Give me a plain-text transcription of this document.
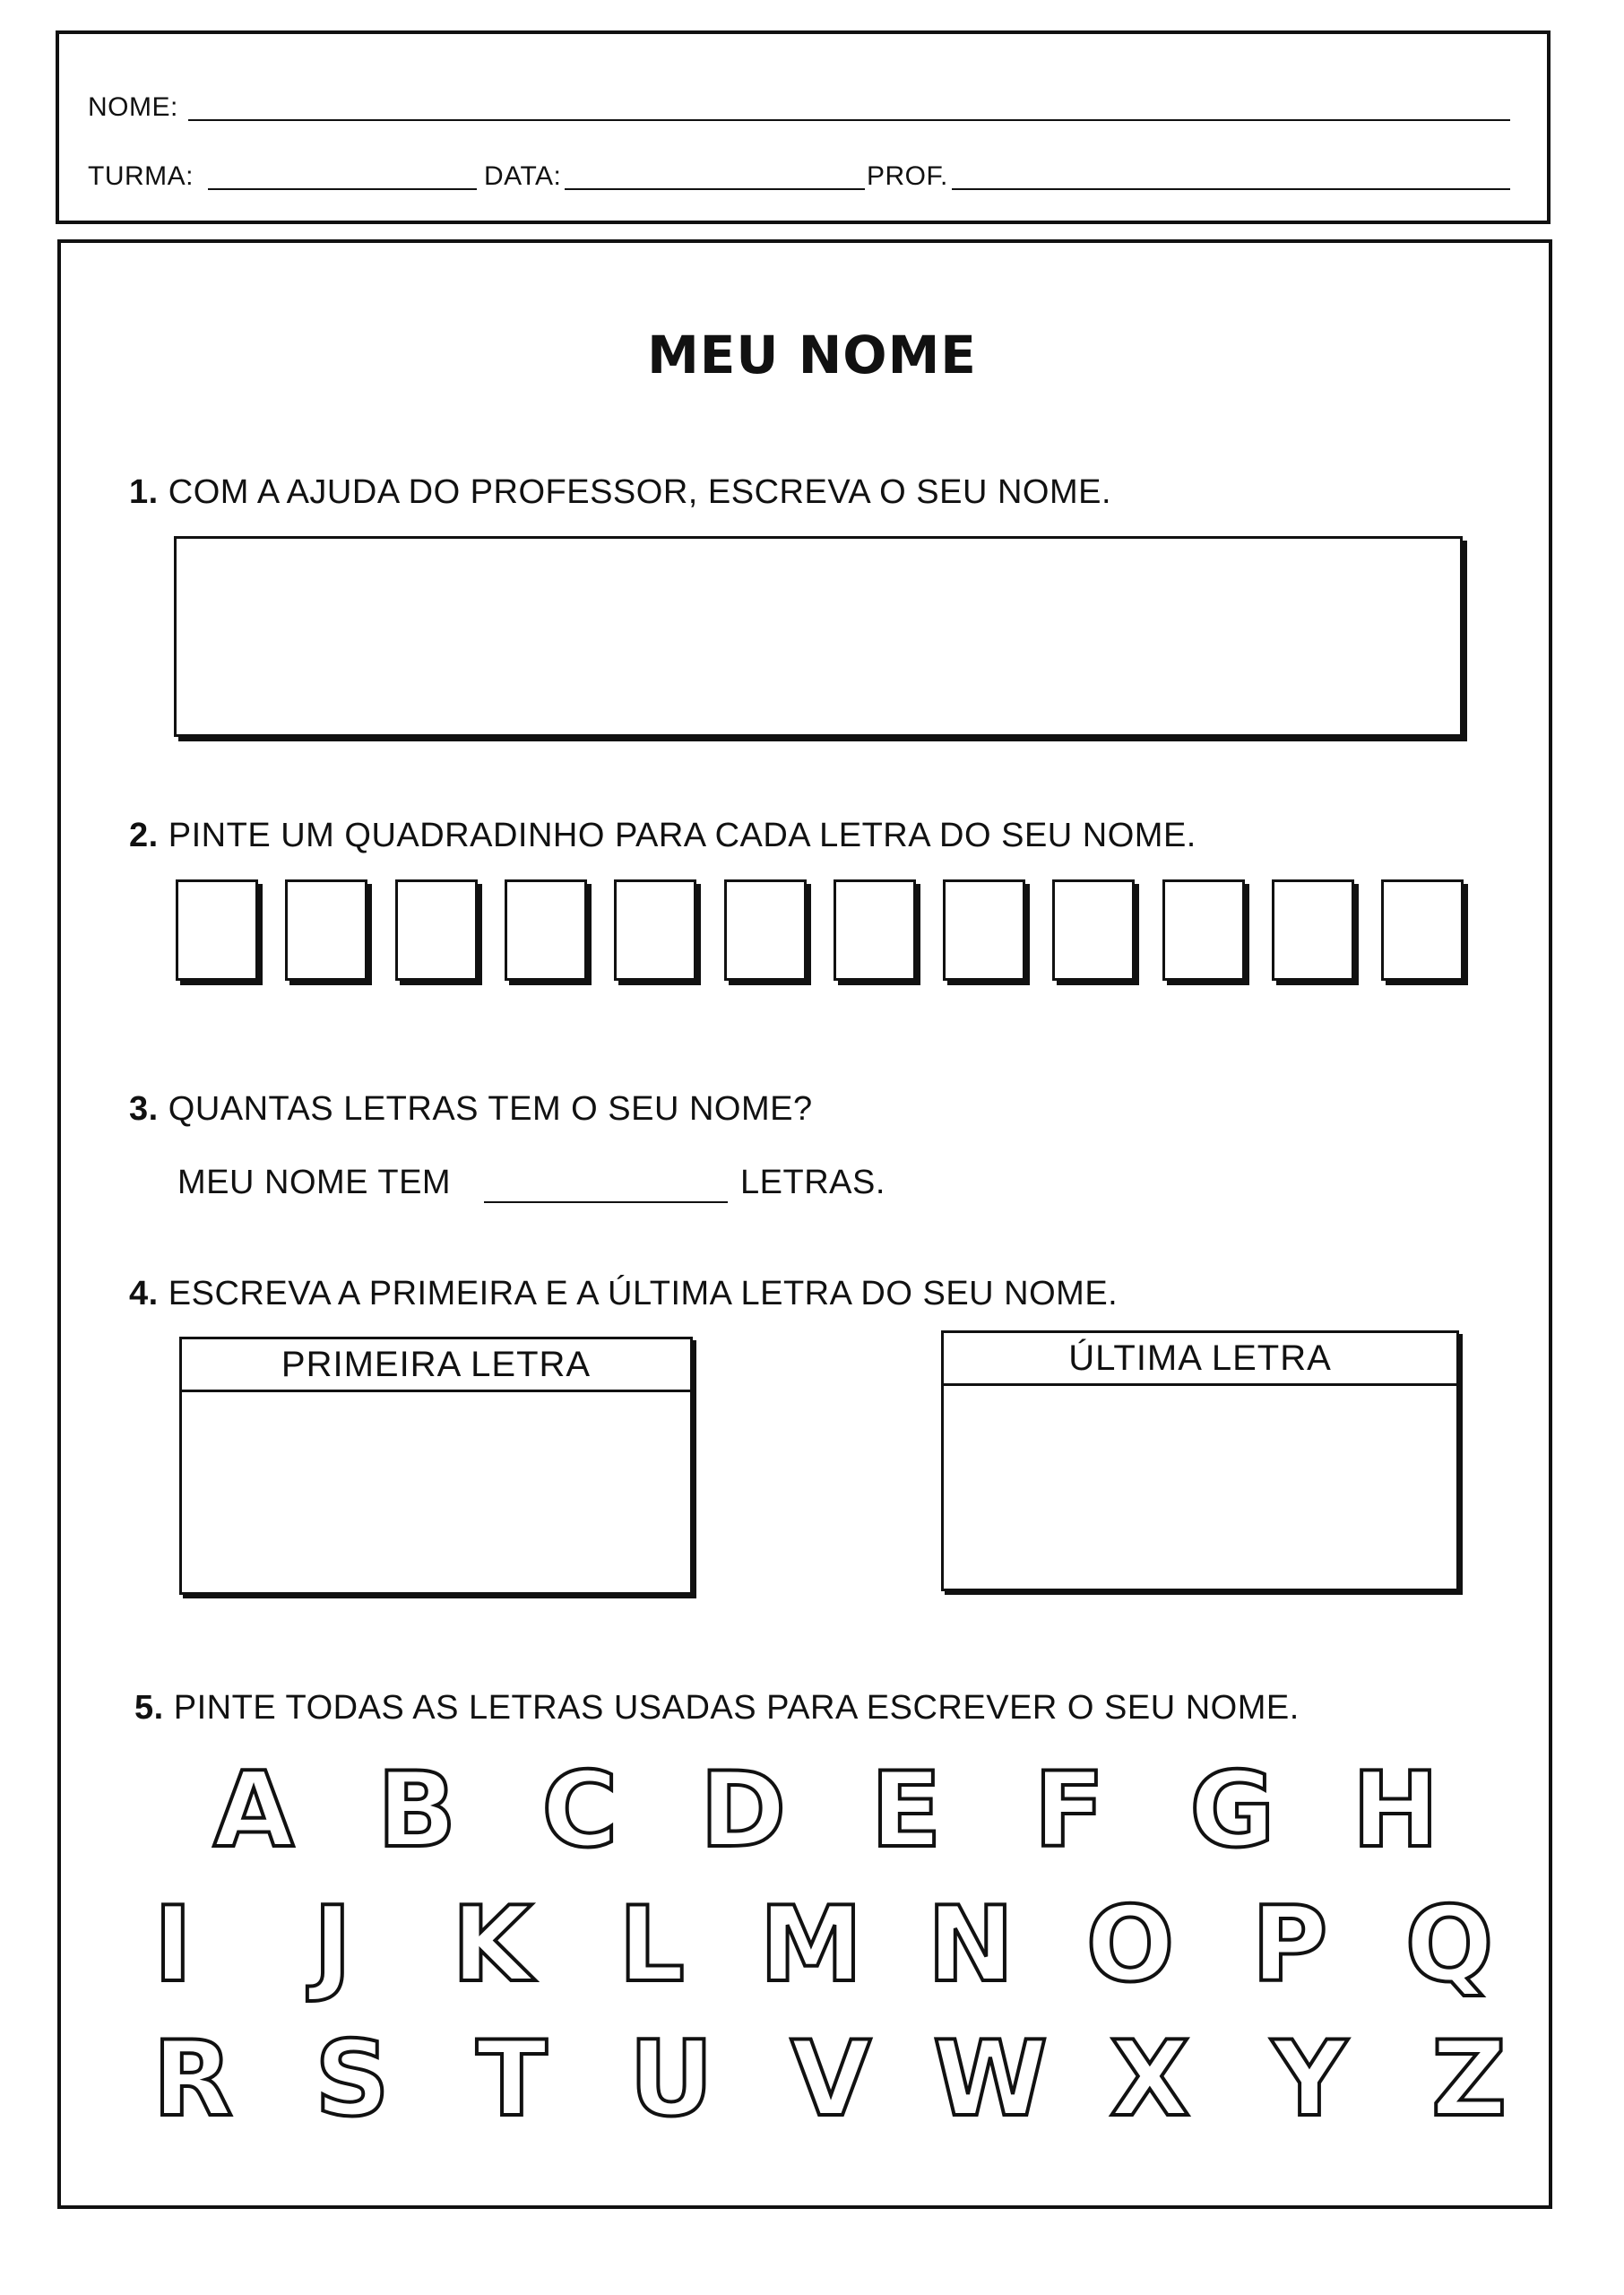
NOME:
TURMA:	DATA:	PROF.
MEU NOME
1. COM A AJUDA DO PROFESSOR, ESCREVA O SEU NOME.
2. PINTE UM QUADRADINHO PARA CADA LETRA DO SEU NOME.
3. QUANTAS LETRAS TEM O SEU NOME?
MEU NOME TEM	LETRAS.
4. ESCREVA A PRIMEIRA E A ÚLTIMA LETRA DO SEU NOME.
PRIMEIRA LETRA	ÚLTIMA LETRA
5. PINTE TODAS AS LETRAS USADAS PARA ESCREVER O SEU NOME.
A B C D E F G H
I	J K L M N O P Q
R S T U V W X Y Z
